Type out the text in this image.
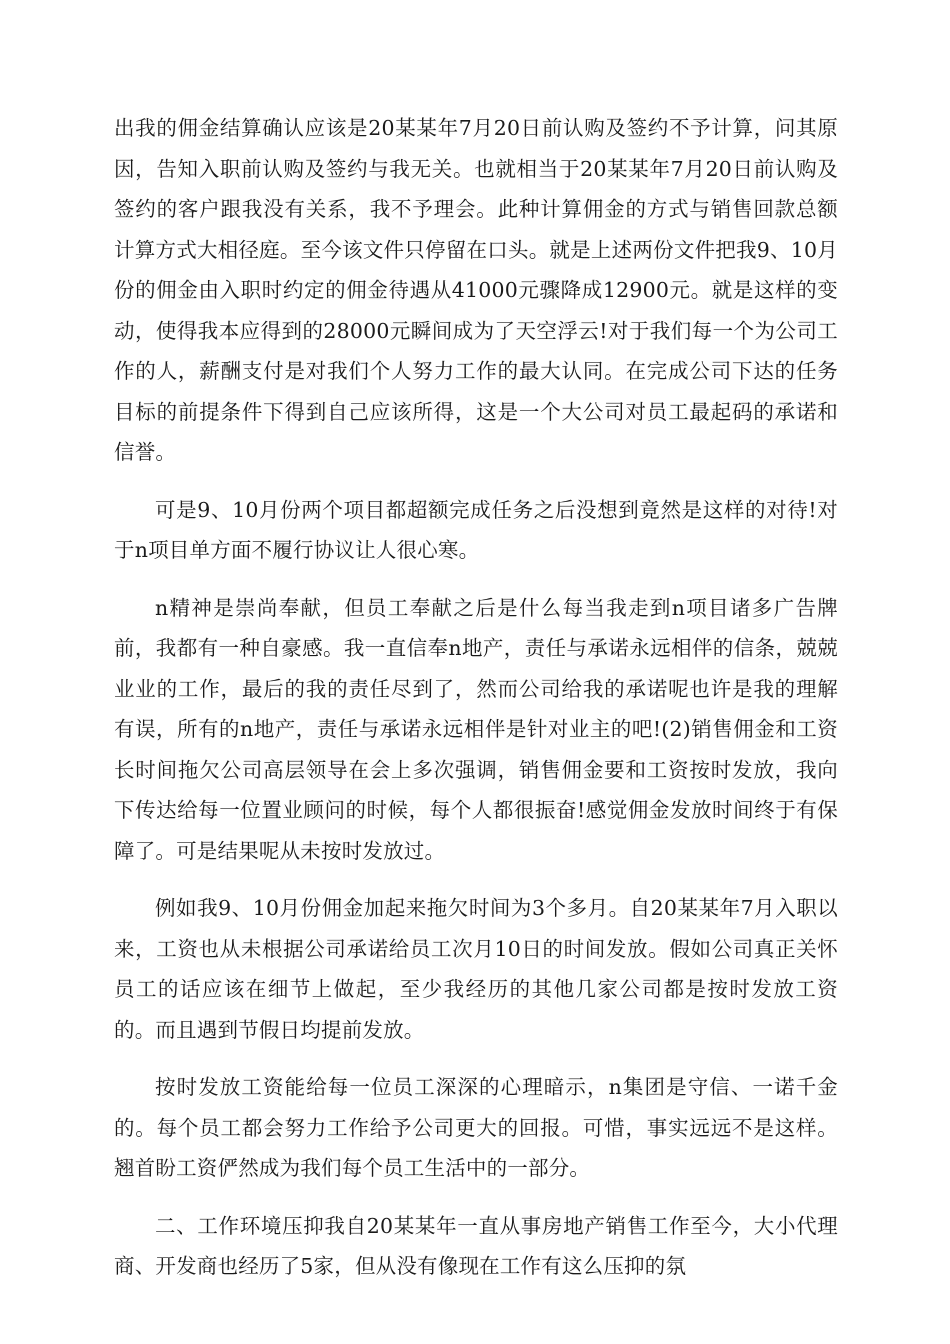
出我的佣金结算确认应该是20某某年7月20日前认购及签约不予计算，问其原因，告知入职前认购及签约与我无关。也就相当于20某某年7月20日前认购及签约的客户跟我没有关系，我不予理会。此种计算佣金的方式与销售回款总额计算方式大相径庭。至今该文件只停留在口头。就是上述两份文件把我9、10月份的佣金由入职时约定的佣金待遇从41000元骤降成12900元。就是这样的变动，使得我本应得到的28000元瞬间成为了天空浮云!对于我们每一个为公司工作的人，薪酬支付是对我们个人努力工作的最大认同。在完成公司下达的任务目标的前提条件下得到自己应该所得，这是一个大公司对员工最起码的承诺和信誉。

可是9、10月份两个项目都超额完成任务之后没想到竟然是这样的对待!对于n项目单方面不履行协议让人很心寒。

n精神是崇尚奉献，但员工奉献之后是什么每当我走到n项目诸多广告牌前，我都有一种自豪感。我一直信奉n地产，责任与承诺永远相伴的信条，兢兢业业的工作，最后的我的责任尽到了，然而公司给我的承诺呢也许是我的理解有误，所有的n地产，责任与承诺永远相伴是针对业主的吧!(2)销售佣金和工资长时间拖欠公司高层领导在会上多次强调，销售佣金要和工资按时发放，我向下传达给每一位置业顾问的时候，每个人都很振奋!感觉佣金发放时间终于有保障了。可是结果呢从未按时发放过。

例如我9、10月份佣金加起来拖欠时间为3个多月。自20某某年7月入职以来，工资也从未根据公司承诺给员工次月10日的时间发放。假如公司真正关怀员工的话应该在细节上做起，至少我经历的其他几家公司都是按时发放工资的。而且遇到节假日均提前发放。

按时发放工资能给每一位员工深深的心理暗示，n集团是守信、一诺千金的。每个员工都会努力工作给予公司更大的回报。可惜，事实远远不是这样。翘首盼工资俨然成为我们每个员工生活中的一部分。

二、工作环境压抑我自20某某年一直从事房地产销售工作至今，大小代理商、开发商也经历了5家，但从没有像现在工作有这么压抑的氛
